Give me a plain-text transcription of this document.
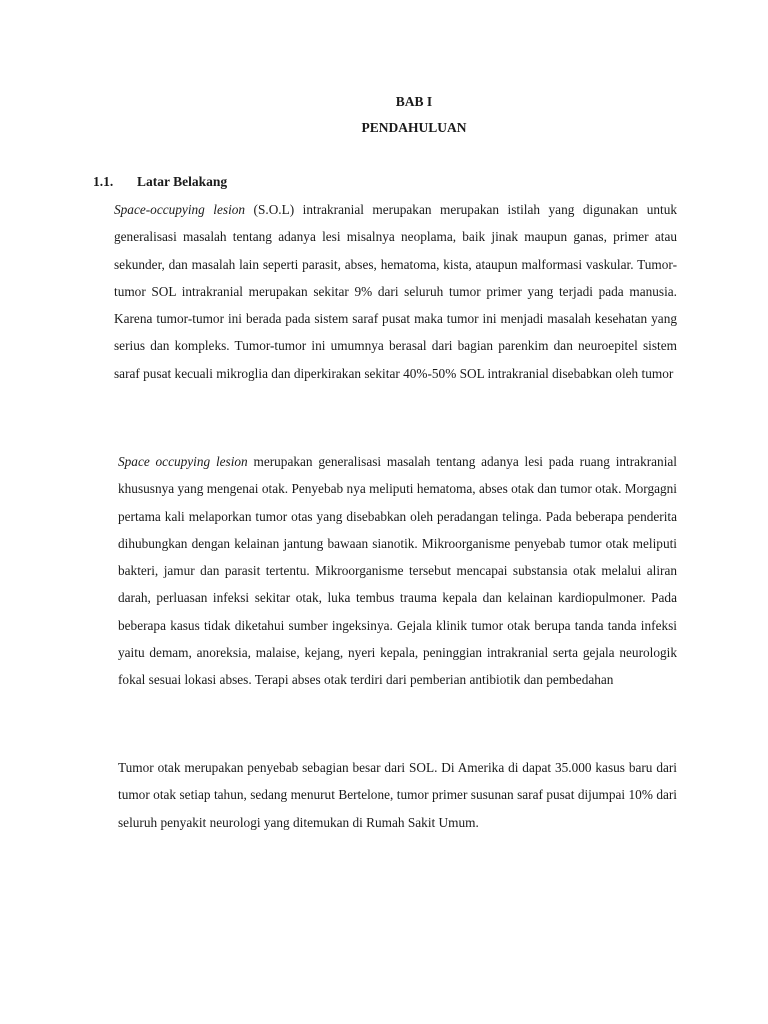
BAB I
PENDAHULUAN
1.1. Latar Belakang
Space-occupying lesion (S.O.L) intrakranial merupakan merupakan istilah yang digunakan untuk generalisasi masalah tentang adanya lesi misalnya neoplama, baik jinak maupun ganas, primer atau sekunder, dan masalah lain seperti parasit, abses, hematoma, kista, ataupun malformasi vaskular. Tumor-tumor SOL intrakranial merupakan sekitar 9% dari seluruh tumor primer yang terjadi pada manusia. Karena tumor-tumor ini berada pada sistem saraf pusat maka tumor ini menjadi masalah kesehatan yang serius dan kompleks. Tumor-tumor ini umumnya berasal dari bagian parenkim dan neuroepitel sistem saraf pusat kecuali mikroglia dan diperkirakan sekitar 40%-50% SOL intrakranial disebabkan oleh tumor
Space occupying lesion merupakan generalisasi masalah tentang adanya lesi pada ruang intrakranial khususnya yang mengenai otak. Penyebab nya meliputi hematoma, abses otak dan tumor otak. Morgagni pertama kali melaporkan tumor otas yang disebabkan oleh peradangan telinga. Pada beberapa penderita dihubungkan dengan kelainan jantung bawaan sianotik. Mikroorganisme penyebab tumor otak meliputi bakteri, jamur dan parasit tertentu. Mikroorganisme tersebut mencapai substansia otak melalui aliran darah, perluasan infeksi sekitar otak, luka tembus trauma kepala dan kelainan kardiopulmoner. Pada beberapa kasus tidak diketahui sumber ingeksinya. Gejala klinik tumor otak berupa tanda tanda infeksi yaitu demam, anoreksia, malaise, kejang, nyeri kepala, peninggian intrakranial serta gejala neurologik fokal sesuai lokasi abses. Terapi abses otak terdiri dari pemberian antibiotik dan pembedahan
Tumor otak merupakan penyebab sebagian besar dari SOL. Di Amerika di dapat 35.000 kasus baru dari tumor otak setiap tahun, sedang menurut Bertelone, tumor primer susunan saraf pusat dijumpai 10% dari seluruh penyakit neurologi yang ditemukan di Rumah Sakit Umum.
